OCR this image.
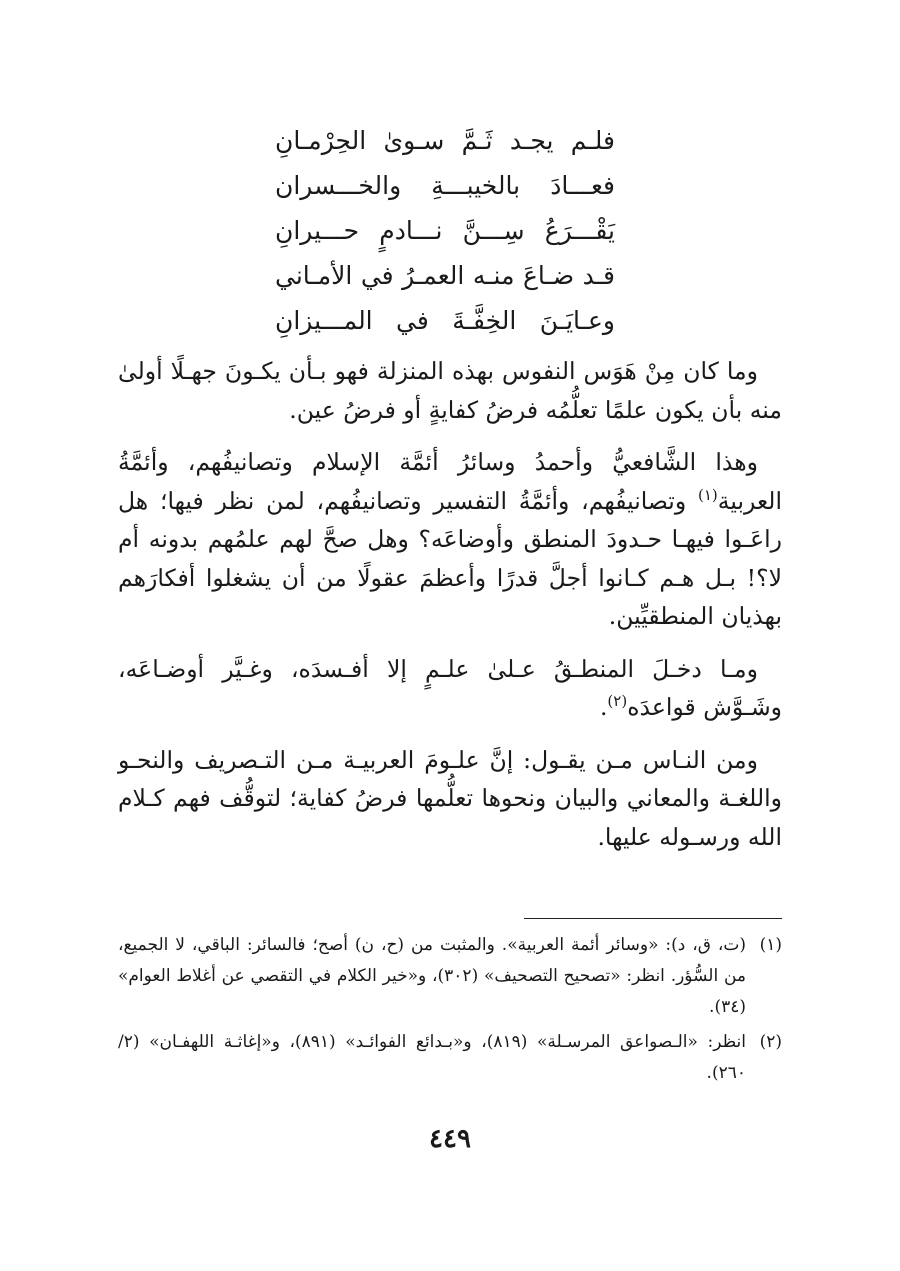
فلـم يجـد ثَـمَّ سـوىٰ الحِرْمـانِ
فعـــادَ بالخيبـــةِ والخـــسران
يَقْـــرَعُ سِـــنَّ نـــادمٍ حـــيرانِ
قـد ضـاعَ منـه العمـرُ في الأمـاني
وعـايَـنَ الخِفَّـةَ في المـــيزانِ

وما كان مِنْ هَوَس النفوس بهذه المنزلة فهو بـأن يكـونَ جهـلًا أولىٰ منه بأن يكون علمًا تعلُّمُه فرضُ كفايةٍ أو فرضُ عين.

وهذا الشَّافعيُّ وأحمدُ وسائرُ أئمَّة الإسلام وتصانيفُهم، وأئمَّةُ العربية$^{(١)}$ وتصانيفُهم، وأئمَّةُ التفسير وتصانيفُهم، لمن نظر فيها؛ هل راعَـوا فيهـا حـدودَ المنطق وأوضاعَه؟ وهل صحَّ لهم علمُهم بدونه أم لا؟! بـل هـم كـانوا أجلَّ قدرًا وأعظمَ عقولًا من أن يشغلوا أفكارَهم بهذيان المنطقيِّين.

ومـا دخـلَ المنطـقُ عـلىٰ علـمٍ إلا أفـسدَه، وغـيَّر أوضـاعَه، وشَـوَّش قواعدَه$^{(٢)}$.

ومن النـاس مـن يقـول: إنَّ علـومَ العربيـة مـن التـصريف والنحـو واللغـة والمعاني والبيان ونحوها تعلُّمها فرضُ كفاية؛ لتوقُّف فهم كـلام الله ورسـوله عليها.

(١)
(ت، ق، د): «وسائر أئمة العربية». والمثبت من (ح، ن) أصح؛ فالسائر: الباقي، لا الجميع، من السُّؤر. انظر: «تصحيح التصحيف» (٣٠٢)، و«خير الكلام في التقصي عن أغلاط العوام» (٣٤).
(٢)
انظر: «الـصواعق المرسـلة» (٨١٩)، و«بـدائع الفوائـد» (٨٩١)، و«إغاثـة اللهفـان» (٢/ ٢٦٠).
٤٤٩
